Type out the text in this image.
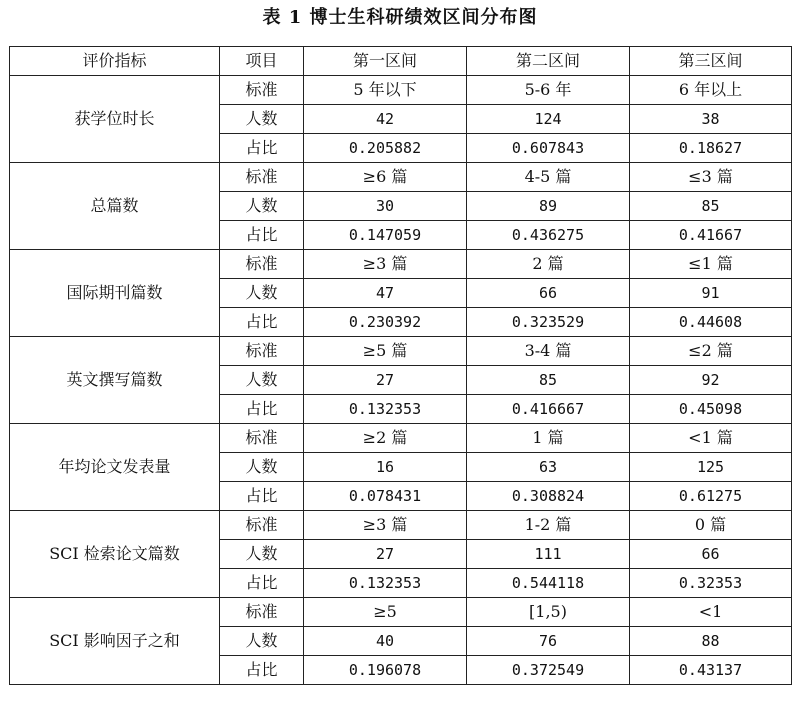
表 1 博士生科研绩效区间分布图
评价指标	项目	第一区间	第二区间	第三区间
获学位时长	标准	5 年以下	5-6 年	6 年以上
	人数	42	124	38
	占比	0.205882	0.607843	0.18627
总篇数	标准	≥6 篇	4-5 篇	≤3 篇
	人数	30	89	85
	占比	0.147059	0.436275	0.41667
国际期刊篇数	标准	≥3 篇	2 篇	≤1 篇
	人数	47	66	91
	占比	0.230392	0.323529	0.44608
英文撰写篇数	标准	≥5 篇	3-4 篇	≤2 篇
	人数	27	85	92
	占比	0.132353	0.416667	0.45098
年均论文发表量	标准	≥2 篇	1 篇	<1 篇
	人数	16	63	125
	占比	0.078431	0.308824	0.61275
SCI 检索论文篇数	标准	≥3 篇	1-2 篇	0 篇
	人数	27	111	66
	占比	0.132353	0.544118	0.32353
SCI 影响因子之和	标准	≥5	[1,5)	<1
	人数	40	76	88
	占比	0.196078	0.372549	0.43137
